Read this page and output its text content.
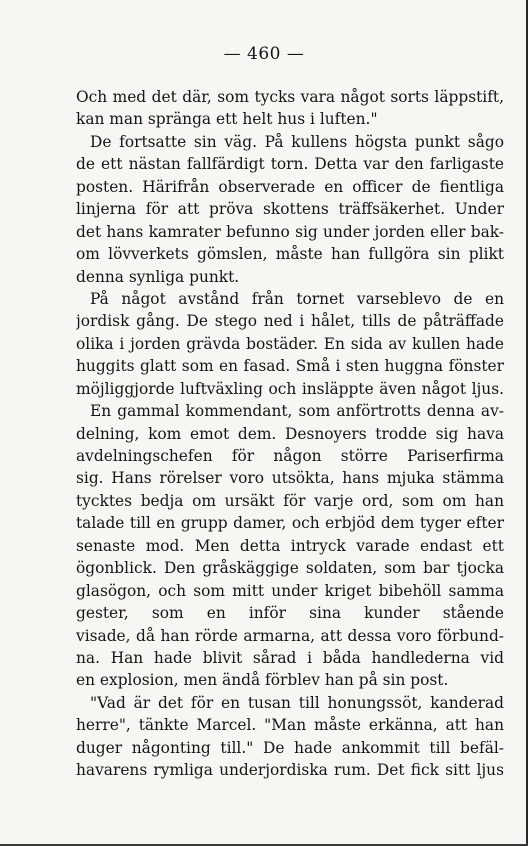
— 460 —
Och med det där, som tycks vara något sorts läppstift,
kan man spränga ett helt hus i luften."
De fortsatte sin väg. På kullens högsta punkt sågo
de ett nästan fallfärdigt torn. Detta var den farligaste
posten. Härifrån observerade en officer de fientliga
linjerna för att pröva skottens träffsäkerhet. Under
det hans kamrater befunno sig under jorden eller bak-
om lövverkets gömslen, måste han fullgöra sin plikt
denna synliga punkt.
På något avstånd från tornet varseblevo de en
jordisk gång. De stego ned i hålet, tills de påträffade
olika i jorden grävda bostäder. En sida av kullen hade
huggits glatt som en fasad. Små i sten huggna fönster
möjliggjorde luftväxling och insläppte även något ljus.
En gammal kommendant, som anförtrotts denna av-
delning, kom emot dem. Desnoyers trodde sig hava
avdelningschefen för någon större Pariserfirma
sig. Hans rörelser voro utsökta, hans mjuka stämma
tycktes bedja om ursäkt för varje ord, som om han
talade till en grupp damer, och erbjöd dem tyger efter
senaste mod. Men detta intryck varade endast ett
ögonblick. Den gråskäggige soldaten, som bar tjocka
glasögon, och som mitt under kriget bibehöll samma
gester, som en inför sina kunder stående
visade, då han rörde armarna, att dessa voro förbund-
na. Han hade blivit sårad i båda handlederna vid
en explosion, men ändå förblev han på sin post.
"Vad är det för en tusan till honungssöt, kanderad
herre", tänkte Marcel. "Man måste erkänna, att han
duger någonting till." De hade ankommit till befäl-
havarens rymliga underjordiska rum. Det fick sitt ljus
